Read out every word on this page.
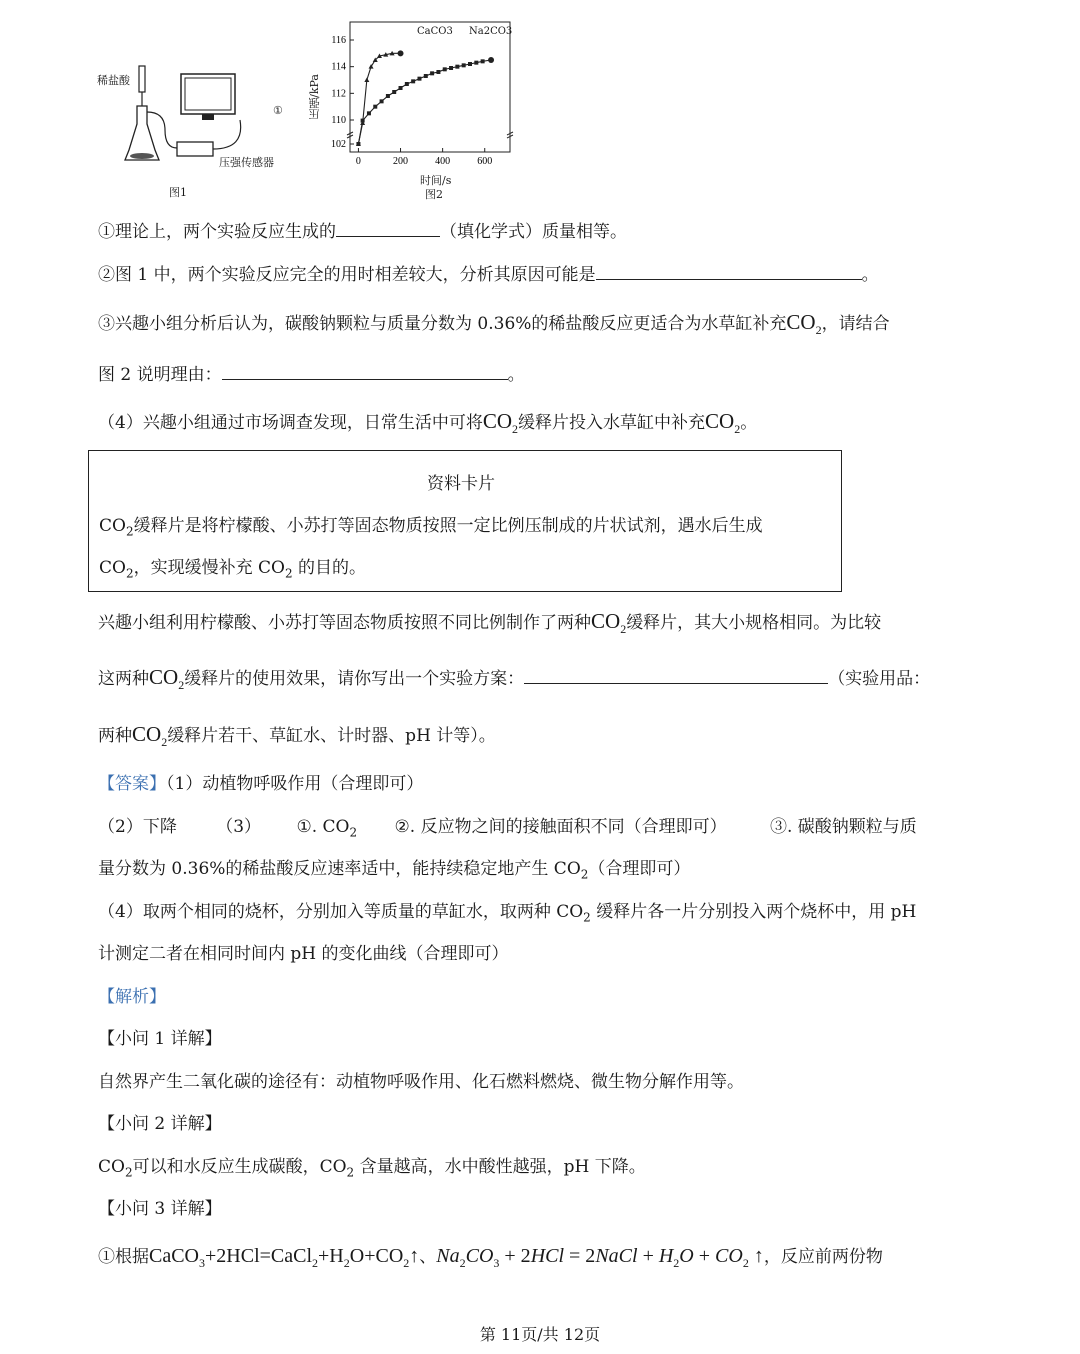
稀盐酸
压强传感器
图1
①
116
114
112
110
102
0	200	400	600
压强/kPa
时间/s
图2
CaCO3 Na2CO3
①理论上，两个实验反应生成的	（填化学式）质量相等。
②图 1 中，两个实验反应完全的用时相差较大，分析其原因可能是	。
③兴趣小组分析后认为，碳酸钠颗粒与质量分数为 0.36%的稀盐酸反应更适合为水草缸补充$CO_2$，请结合
图 2 说明理由：	。
（4）兴趣小组通过市场调查发现，日常生活中可将$CO_2$缓释片投入水草缸中补充$CO_2$。
资料卡片
$CO_2$缓释片是将柠檬酸、小苏打等固态物质按照一定比例压制成的片状试剂，遇水后生成
$CO_2$，实现缓慢补充 $CO_2$ 的目的。
兴趣小组利用柠檬酸、小苏打等固态物质按照不同比例制作了两种$CO_2$缓释片，其大小规格相同。为比较
这两种$CO_2$缓释片的使用效果，请你写出一个实验方案：	（实验用品：
两种$CO_2$缓释片若干、草缸水、计时器、pH 计等）。
【答案】（1）动植物呼吸作用（合理即可）
（2）下降 （3） ①. $CO_2$ ②. 反应物之间的接触面积不同（合理即可）	③. 碳酸钠颗粒与质
量分数为 0.36%的稀盐酸反应速率适中，能持续稳定地产生 $CO_2$（合理即可）
（4）取两个相同的烧杯，分别加入等质量的草缸水，取两种 $CO_2$ 缓释片各一片分别投入两个烧杯中，用 pH
计测定二者在相同时间内 pH 的变化曲线（合理即可）
【解析】
【小问 1 详解】
自然界产生二氧化碳的途径有：动植物呼吸作用、化石燃料燃烧、微生物分解作用等。
【小问 2 详解】
$CO_2$可以和水反应生成碳酸，$CO_2$ 含量越高，水中酸性越强，pH 下降。
【小问 3 详解】
①根据$CaCO_3+2HCl=CaCl_2+H_2O+CO_2↑$、$Na_2CO_3 + 2HCl$ = 2NaCl + $H_2O + CO_2$ ↑，反应前两份物
第 11页/共 12页
